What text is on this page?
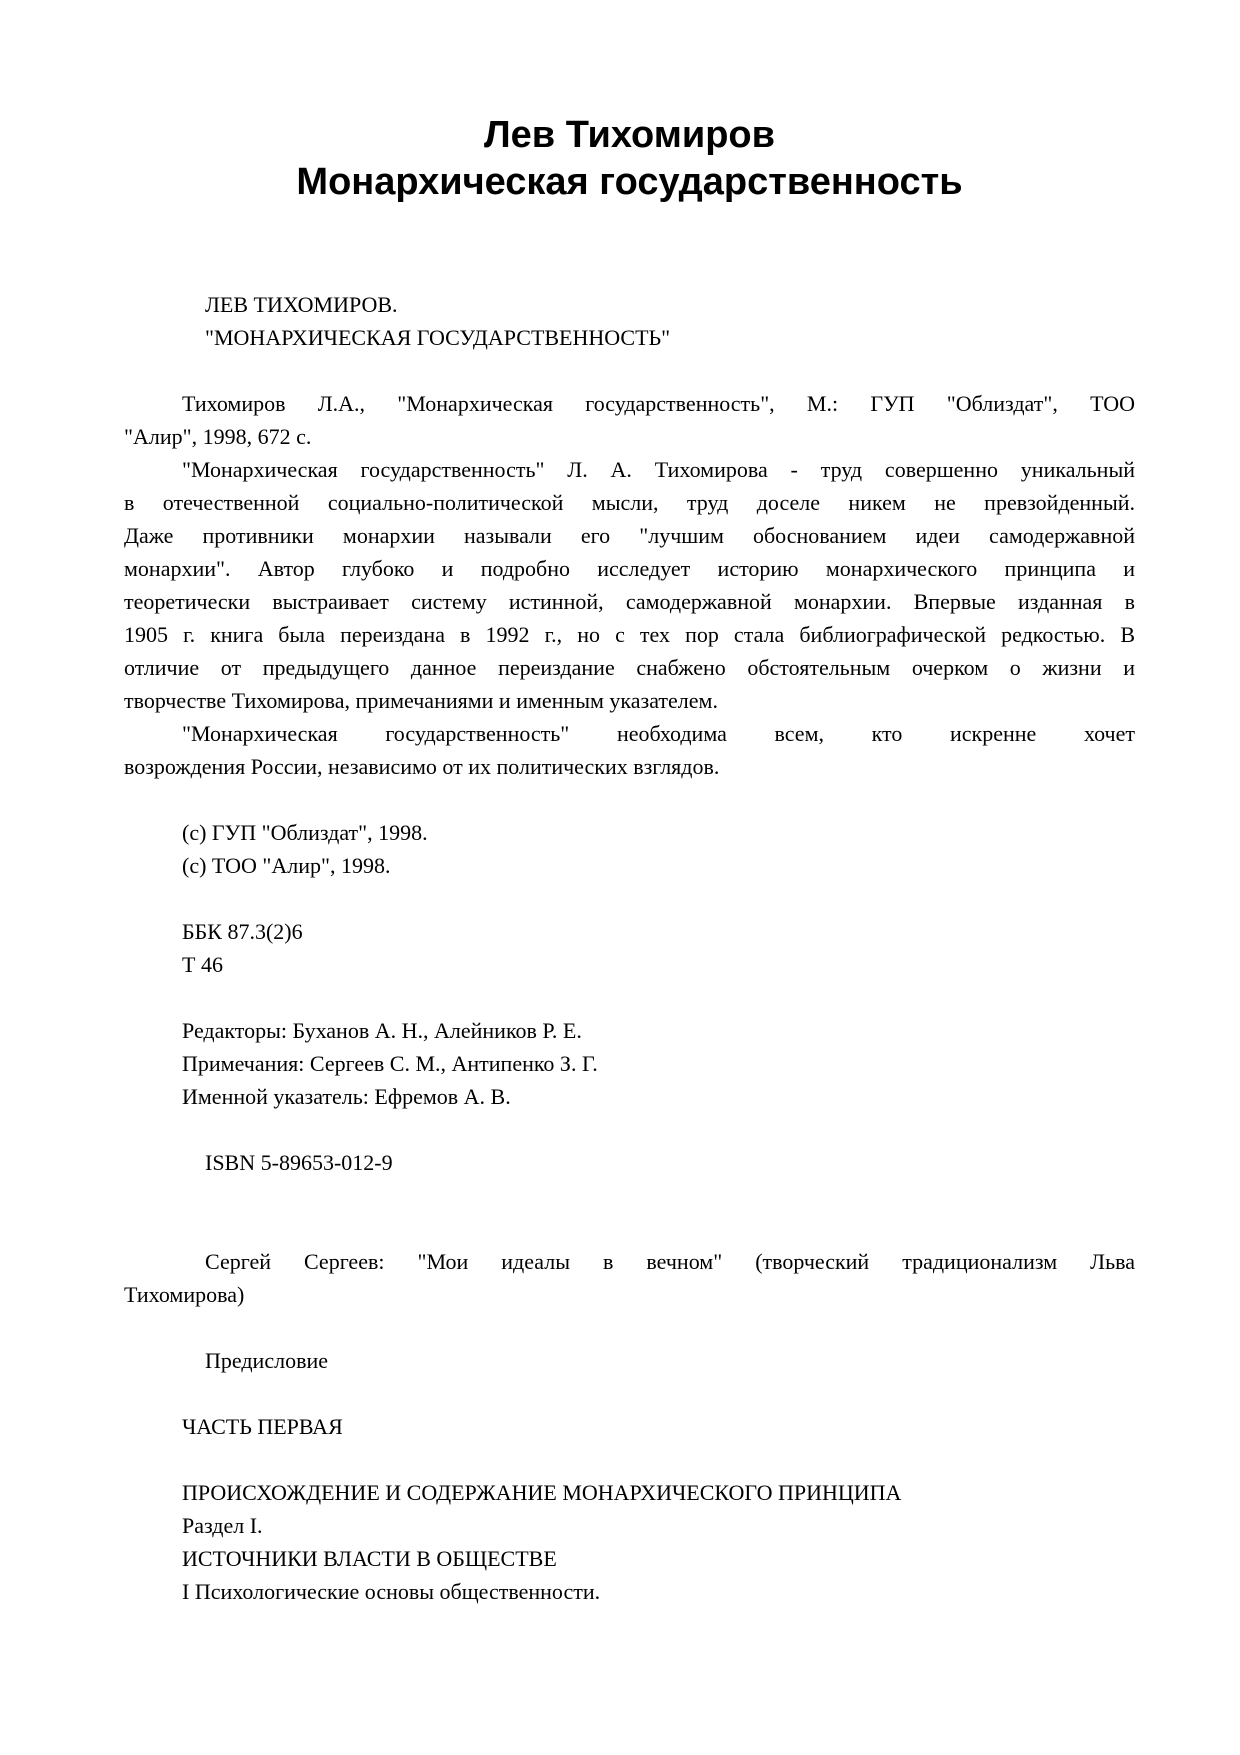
Лев Тихомиров
Монархическая государственность
ЛЕВ ТИХОМИРОВ.
"МОНАРХИЧЕСКАЯ ГОСУДАРСТВЕННОСТЬ"
Тихомиров Л.А., "Монархическая государственность", М.: ГУП "Облиздат", ТОО
"Алир", 1998, 672 с.
"Монархическая государственность" Л. А. Тихомирова - труд совершенно уникальный
в отечественной социально-политической мысли, труд доселе никем не превзойденный.
Даже противники монархии называли его "лучшим обоснованием идеи самодержавной
монархии". Автор глубоко и подробно исследует историю монархического принципа и
теоретически выстраивает систему истинной, самодержавной монархии. Впервые изданная в
1905 г. книга была переиздана в 1992 г., но с тех пор стала библиографической редкостью. В
отличие от предыдущего данное переиздание снабжено обстоятельным очерком о жизни и
творчестве Тихомирова, примечаниями и именным указателем.
"Монархическая государственность" необходима всем, кто искренне хочет
возрождения России, независимо от их политических взглядов.
(c) ГУП "Облиздат", 1998.
(c) ТОО "Алир", 1998.
ББК 87.3(2)6
Т 46
Редакторы: Буханов А. Н., Алейников Р. Е.
Примечания: Сергеев С. М., Антипенко З. Г.
Именной указатель: Ефремов А. В.
ISBN 5-89653-012-9
Сергей Сергеев: "Мои идеалы в вечном" (творческий традиционализм Льва
Тихомирова)
Предисловие
ЧАСТЬ ПЕРВАЯ
ПРОИСХОЖДЕНИЕ И СОДЕРЖАНИЕ МОНАРХИЧЕСКОГО ПРИНЦИПА
Раздел I.
ИСТОЧНИКИ ВЛАСТИ В ОБЩЕСТВЕ
I Психологические основы общественности.
